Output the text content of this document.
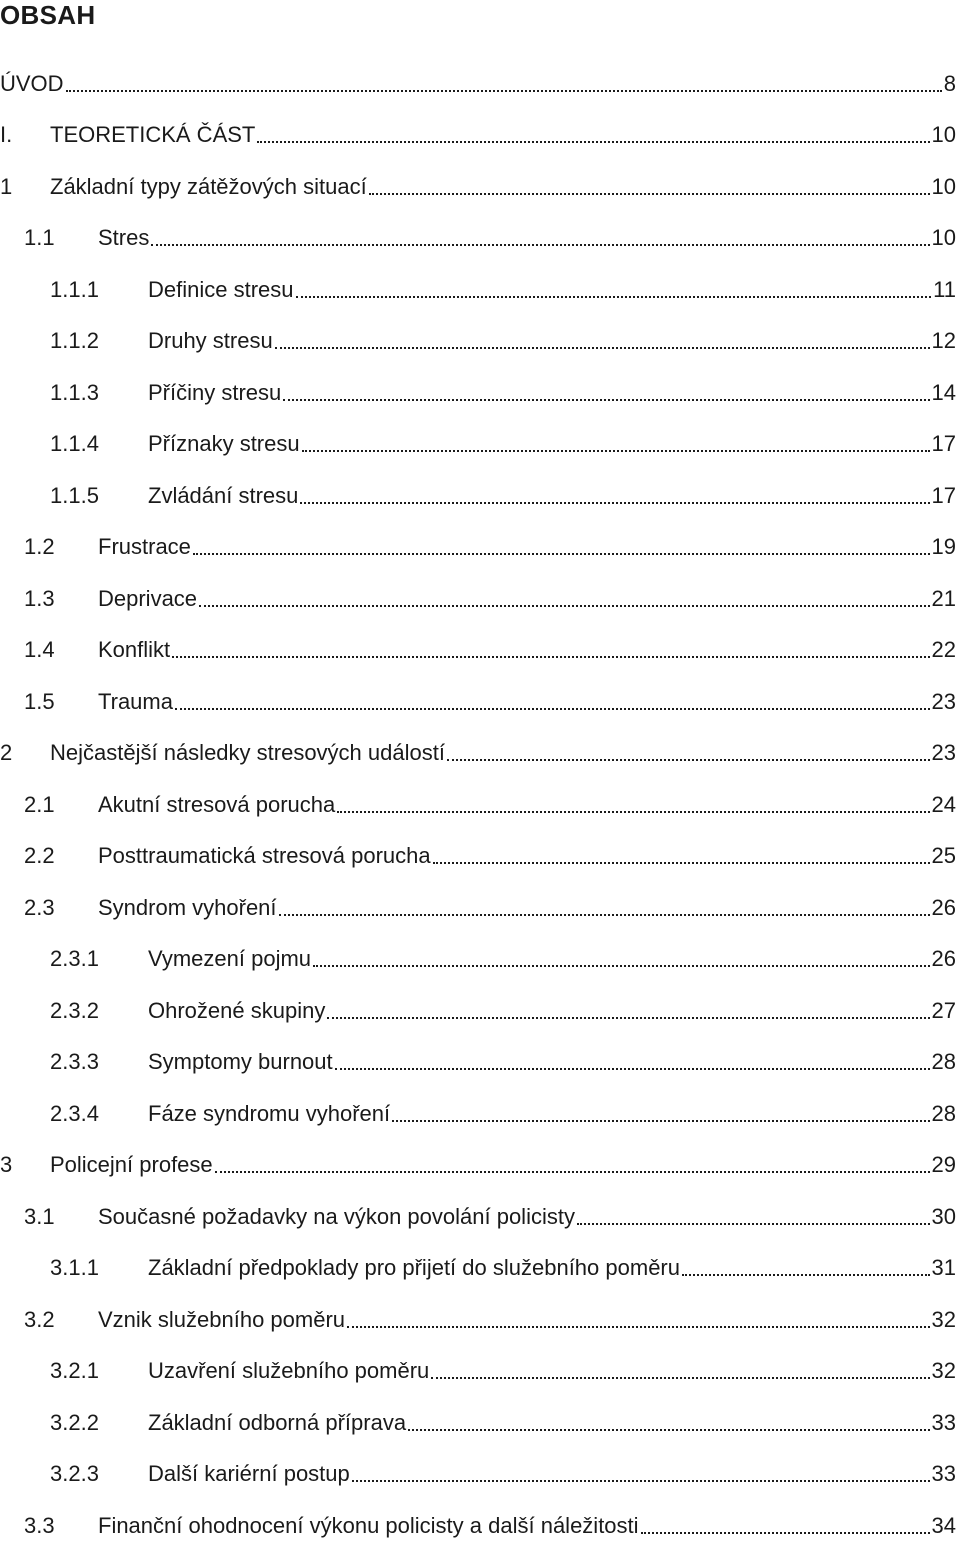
OBSAH
ÚVOD	8
I.	TEORETICKÁ ČÁST	10
1	Základní typy zátěžových situací	10
1.1	Stres	10
1.1.1	Definice stresu	11
1.1.2	Druhy stresu	12
1.1.3	Příčiny stresu	14
1.1.4	Příznaky stresu	17
1.1.5	Zvládání stresu	17
1.2	Frustrace	19
1.3	Deprivace	21
1.4	Konflikt	22
1.5	Trauma	23
2	Nejčastější následky stresových událostí	23
2.1	Akutní stresová porucha	24
2.2	Posttraumatická stresová porucha	25
2.3	Syndrom vyhoření	26
2.3.1	Vymezení pojmu	26
2.3.2	Ohrožené skupiny	27
2.3.3	Symptomy burnout	28
2.3.4	Fáze syndromu vyhoření	28
3	Policejní profese	29
3.1	Současné požadavky na výkon povolání policisty	30
3.1.1	Základní předpoklady pro přijetí do služebního poměru	31
3.2	Vznik služebního poměru	32
3.2.1	Uzavření služebního poměru	32
3.2.2	Základní odborná příprava	33
3.2.3	Další kariérní postup	33
3.3	Finanční ohodnocení výkonu policisty a další náležitosti	34
